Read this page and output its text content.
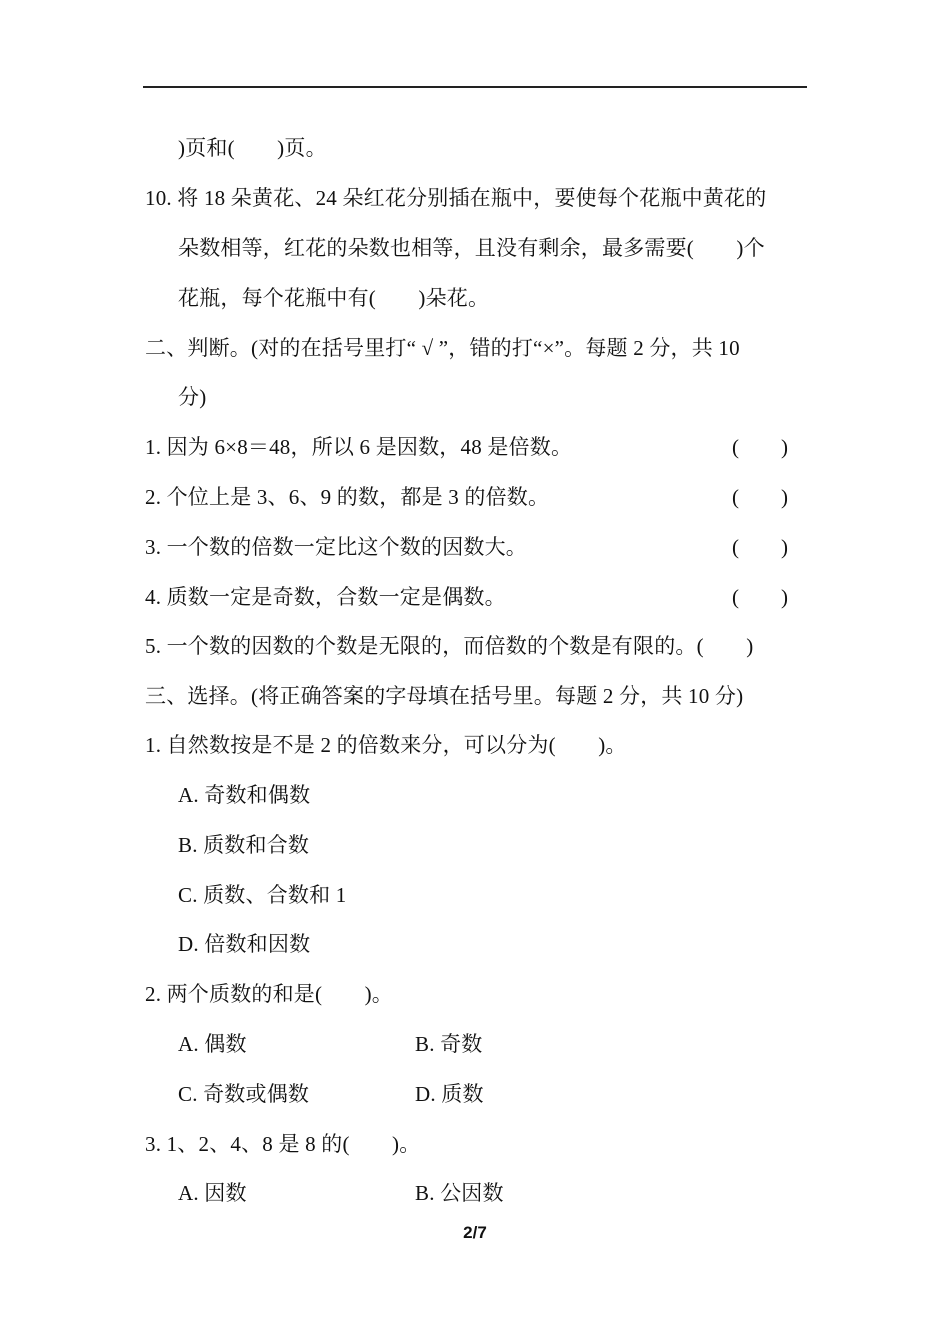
)页和(　　)页。
10. 将 18 朵黄花、24 朵红花分别插在瓶中，要使每个花瓶中黄花的
朵数相等，红花的朵数也相等，且没有剩余，最多需要(　　)个
花瓶，每个花瓶中有(　　)朵花。
二、判断。(对的在括号里打“ √ ”，错的打“×”。每题 2 分，共 10
分)
1. 因为 6×8＝48，所以 6 是因数，48 是倍数。	(　　)
2. 个位上是 3、6、9 的数，都是 3 的倍数。	(　　)
3. 一个数的倍数一定比这个数的因数大。	(　　)
4. 质数一定是奇数，合数一定是偶数。	(　　)
5. 一个数的因数的个数是无限的，而倍数的个数是有限的。(　　)
三、选择。(将正确答案的字母填在括号里。每题 2 分，共 10 分)
1. 自然数按是不是 2 的倍数来分，可以分为(　　)。
A. 奇数和偶数
B. 质数和合数
C. 质数、合数和 1
D. 倍数和因数
2. 两个质数的和是(　　)。
A. 偶数	B. 奇数
C. 奇数或偶数	D. 质数
3. 1、2、4、8 是 8 的(　　)。
A. 因数	B. 公因数
2/7
